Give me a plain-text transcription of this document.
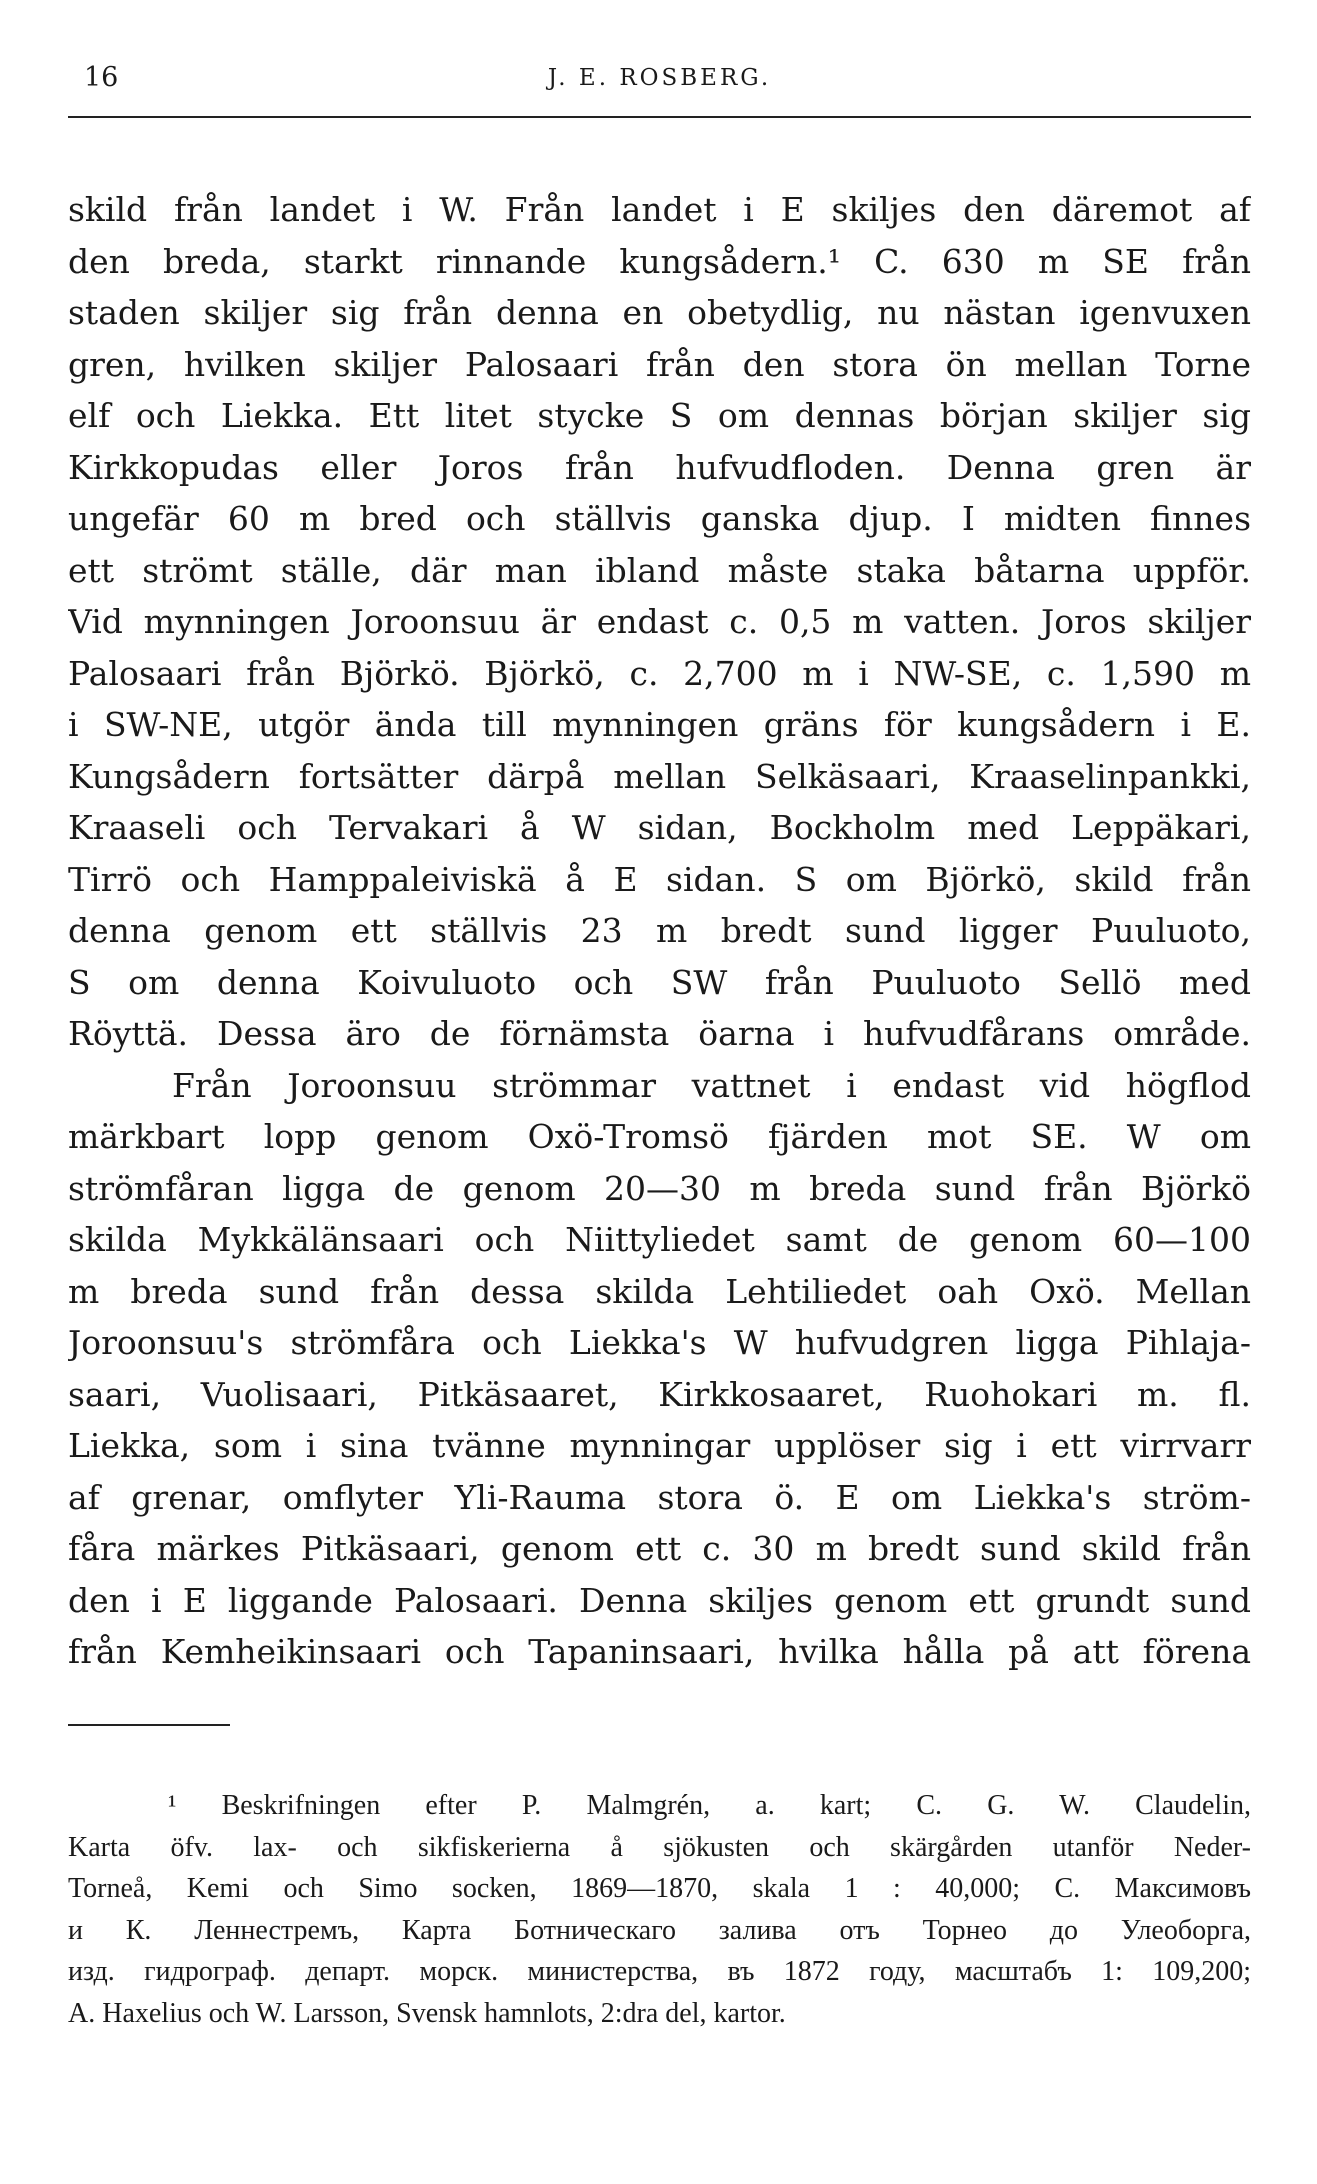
16	J. E. ROSBERG.
skild från landet i W. Från landet i E skiljes den däremot af
den breda, starkt rinnande kungsådern.¹ C. 630 m SE från
staden skiljer sig från denna en obetydlig, nu nästan igenvuxen
gren, hvilken skiljer Palosaari från den stora ön mellan Torne
elf och Liekka. Ett litet stycke S om dennas början skiljer sig
Kirkkopudas eller Joros från hufvudfloden. Denna gren är
ungefär 60 m bred och ställvis ganska djup. I midten finnes
ett strömt ställe, där man ibland måste staka båtarna uppför.
Vid mynningen Joroonsuu är endast c. 0,5 m vatten. Joros skiljer
Palosaari från Björkö. Björkö, c. 2,700 m i NW-SE, c. 1,590 m
i SW-NE, utgör ända till mynningen gräns för kungsådern i E.
Kungsådern fortsätter därpå mellan Selkäsaari, Kraaselinpankki,
Kraaseli och Tervakari å W sidan, Bockholm med Leppäkari,
Tirrö och Hamppaleiviskä å E sidan. S om Björkö, skild från
denna genom ett ställvis 23 m bredt sund ligger Puuluoto,
S om denna Koivuluoto och SW från Puuluoto Sellö med
Röyttä. Dessa äro de förnämsta öarna i hufvudfårans område.
Från Joroonsuu strömmar vattnet i endast vid högflod
märkbart lopp genom Oxö-Tromsö fjärden mot SE. W om
strömfåran ligga de genom 20—30 m breda sund från Björkö
skilda Mykkälänsaari och Niittyliedet samt de genom 60—100
m breda sund från dessa skilda Lehtiliedet oah Oxö. Mellan
Joroonsuu's strömfåra och Liekka's W hufvudgren ligga Pihlaja-
saari, Vuolisaari, Pitkäsaaret, Kirkkosaaret, Ruohokari m. fl.
Liekka, som i sina tvänne mynningar upplöser sig i ett virrvarr
af grenar, omflyter Yli-Rauma stora ö. E om Liekka's ström-
fåra märkes Pitkäsaari, genom ett c. 30 m bredt sund skild från
den i E liggande Palosaari. Denna skiljes genom ett grundt sund
från Kemheikinsaari och Tapaninsaari, hvilka hålla på att förena
¹ Beskrifningen efter P. Malmgrén, a. kart; C. G. W. Claudelin,
Karta öfv. lax- och sikfiskerierna å sjökusten och skärgården utanför Neder-
Torneå, Kemi och Simo socken, 1869—1870, skala 1 : 40,000; С. Максимовъ
и К. Леннестремъ, Карта Ботническаго залива отъ Торнео до Улеоборга,
изд. гидрограф. департ. морск. министерства, въ 1872 году, масштабъ 1: 109,200;
A. Haxelius och W. Larsson, Svensk hamnlots, 2:dra del, kartor.
